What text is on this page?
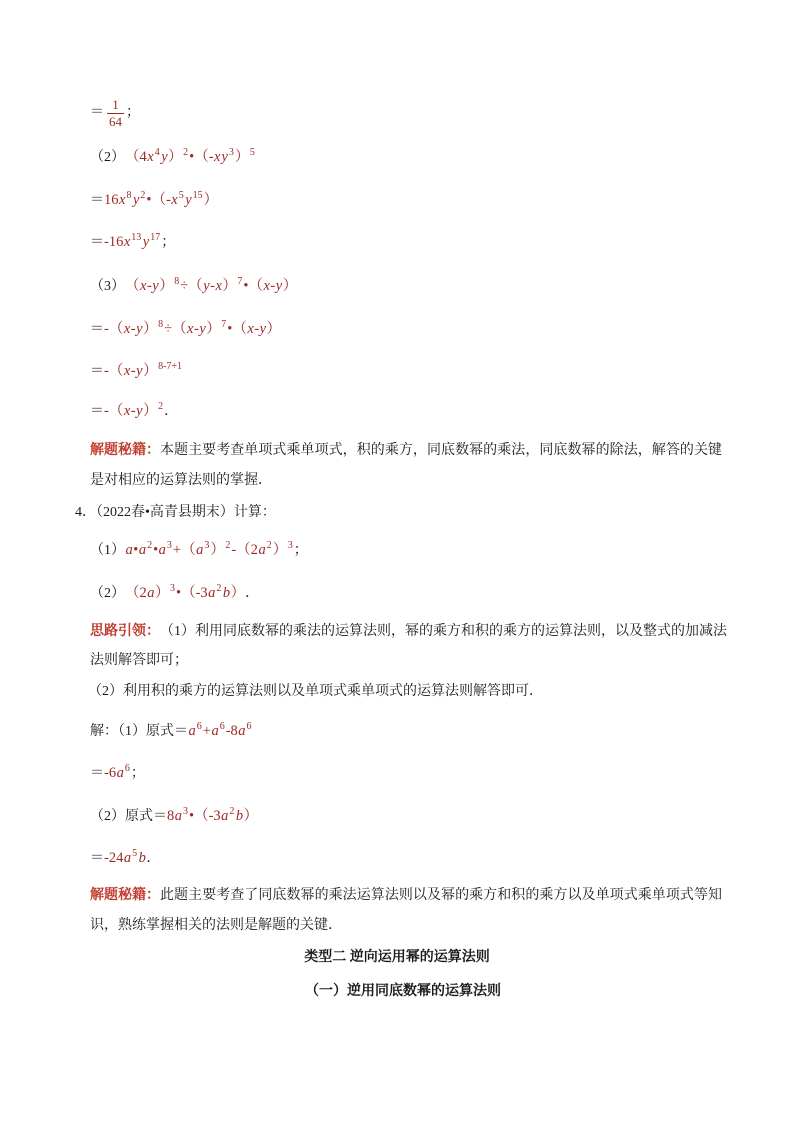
＝ $\frac{1}{64}$ ；
（2） （4 x 4 y ） 2 •（- x y 3 ） 5
＝ 16 x 8 y 2 •（- x 5 y 15 ）
＝ -16 x 13 y 17 ；
（3） （ x - y ） 8 ÷（ y - x ） 7 •（ x - y ）
＝ -（ x - y ） 8 ÷（ x - y ） 7 •（ x - y ）
＝ -（ x - y ） 8-7+1
＝ -（ x - y ） 2 ．
解题秘籍： 本题主要考查单项式乘单项式，积的乘方，同底数幂的乘法，同底数幂的除法，解答的关键
是对相应的运算法则的掌握．
4．（2022春•高青县期末）计算：
（1） a • a 2 • a 3 +（ a 3 ） 2 -（2 a 2 ） 3 ；
（2） （2 a ） 3 •（-3 a 2 b ） ．
思路引领： （1）利用同底数幂的乘法的运算法则，幂的乘方和积的乘方的运算法则，以及整式的加减法
法则解答即可；
（2）利用积的乘方的运算法则以及单项式乘单项式的运算法则解答即可．
解：（1）原式＝ a 6 + a 6 -8 a 6
＝ -6 a 6 ；
（2）原式＝ 8 a 3 •（-3 a 2 b ）
＝ -24 a 5 b ．
解题秘籍： 此题主要考查了同底数幂的乘法运算法则以及幂的乘方和积的乘方以及单项式乘单项式等知
识，熟练掌握相关的法则是解题的关键．
类型二 逆向运用幂的运算法则
（一）逆用同底数幂的运算法则
